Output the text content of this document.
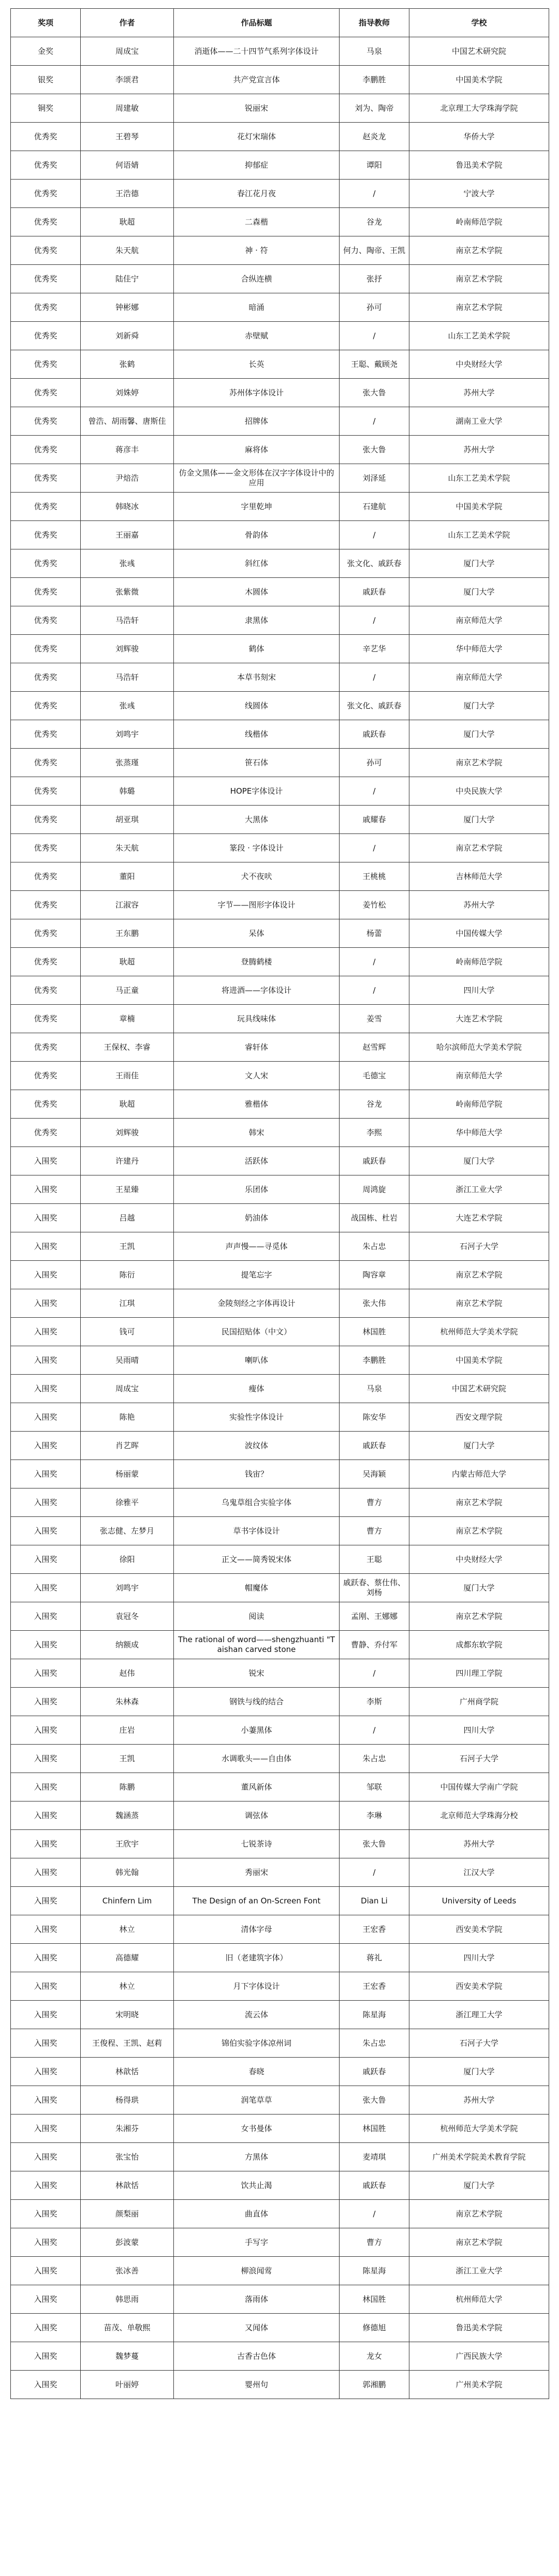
奖项	作者	作品标题	指导教师	学校
金奖	周成宝	消逝体——二十四节气系列字体设计	马泉	中国艺术研究院
银奖	李颂君	共产党宣言体	李鹏胜	中国美术学院
铜奖	周建敏	锐丽宋	刘为、陶帝	北京理工大学珠海学院
优秀奖	王碧琴	花灯宋瑞体	赵炎龙	华侨大学
优秀奖	何语婧	抑郁症	谭阳	鲁迅美术学院
优秀奖	王浩德	春江花月夜	/	宁波大学
优秀奖	耿超	二森楷	谷龙	岭南师范学院
优秀奖	朱天航	神 · 符	何力、陶帝、王凯	南京艺术学院
优秀奖	陆佳宁	合纵连横	张抒	南京艺术学院
优秀奖	钟彬娜	暗涌	孙可	南京艺术学院
优秀奖	刘新舜	赤壁赋	/	山东工艺美术学院
优秀奖	张鹤	长英	王聪、戴顾尧	中央财经大学
优秀奖	刘姝婷	苏州体字体设计	张大鲁	苏州大学
优秀奖	曾浩、胡雨馨、唐斯佳	招牌体	/	湖南工业大学
优秀奖	蒋彦丰	麻将体	张大鲁	苏州大学
优秀奖	尹焙浩	仿金文黑体——金文形体在汉字字体设计中的应用	刘泽延	山东工艺美术学院
优秀奖	韩晓冰	字里乾坤	石建航	中国美术学院
优秀奖	王丽嘉	骨韵体	/	山东工艺美术学院
优秀奖	张彧	斜红体	张文化、戚跃春	厦门大学
优秀奖	张紫微	木圆体	戚跃春	厦门大学
优秀奖	马浩轩	隶黑体	/	南京师范大学
优秀奖	刘辉骏	鹤体	辛艺华	华中师范大学
优秀奖	马浩轩	本草书刻宋	/	南京师范大学
优秀奖	张彧	线圆体	张文化、戚跃春	厦门大学
优秀奖	刘鸣宇	线楷体	戚跃春	厦门大学
优秀奖	张蒸瑾	笹石体	孙可	南京艺术学院
优秀奖	韩璐	HOPE字体设计	/	中央民族大学
优秀奖	胡亚琪	大黑体	戚耀春	厦门大学
优秀奖	朱天航	篆段 · 字体设计	/	南京艺术学院
优秀奖	董阳	犬不夜吠	王桃桃	吉林师范大学
优秀奖	江淑容	字节——图形字体设计	姜竹松	苏州大学
优秀奖	王东鹏	呆体	杨蕾	中国传媒大学
优秀奖	耿超	登腾鹤楼	/	岭南师范学院
优秀奖	马正童	将进酒——字体设计	/	四川大学
优秀奖	章楠	玩具线味体	姜雪	大连艺术学院
优秀奖	王保权、李睿	睿轩体	赵雪辉	哈尔滨师范大学美术学院
优秀奖	王雨佳	文人宋	毛德宝	南京师范大学
优秀奖	耿超	雅楷体	谷龙	岭南师范学院
优秀奖	刘辉骏	韩宋	李熙	华中师范大学
入围奖	许建丹	活跃体	戚跃春	厦门大学
入围奖	王星臻	乐团体	周鸿旋	浙江工业大学
入围奖	吕越	奶油体	战国栋、杜岩	大连艺术学院
入围奖	王凯	声声慢——寻觅体	朱占忠	石河子大学
入围奖	陈衍	提笔忘字	陶容章	南京艺术学院
入围奖	江琪	金陵刻经之字体再设计	张大伟	南京艺术学院
入围奖	钱可	民国招贴体（中文）	林国胜	杭州师范大学美术学院
入围奖	吴雨晴	喇叭体	李鹏胜	中国美术学院
入围奖	周成宝	瘦体	马泉	中国艺术研究院
入围奖	陈艳	实验性字体设计	陈安华	西安文理学院
入围奖	肖艺晖	波纹体	戚跃春	厦门大学
入围奖	杨丽蒙	钱宙？	吴海颖	内蒙古师范大学
入围奖	徐雅平	乌鬼草组合实验字体	曹方	南京艺术学院
入围奖	张志健、左梦月	草书字体设计	曹方	南京艺术学院
入围奖	徐阳	正文——简秀锐宋体	王聪	中央财经大学
入围奖	刘鸣宇	帽魔体	戚跃春、蔡仕伟、刘杨	厦门大学
入围奖	袁冠冬	阅读	孟刚、王娜娜	南京艺术学院
入围奖	纳额成	The rational of word——shengzhuanti "Taishan carved stone	曹静、乔付军	成都东软学院
入围奖	赵伟	锐宋	/	四川理工学院
入围奖	朱林森	钢铁与线的结合	李斯	广州商学院
入围奖	庄岩	小萋黑体	/	四川大学
入围奖	王凯	水调歌头——自由体	朱占忠	石河子大学
入围奖	陈鹏	董风新体	邹联	中国传媒大学南广学院
入围奖	魏涵蒸	调弦体	李琳	北京师范大学珠海分校
入围奖	王欣宇	七锐茶诗	张大鲁	苏州大学
入围奖	韩光翰	秀丽宋	/	江汉大学
入围奖	Chinfern Lim	The Design of an On-Screen Font	Dian Li	University of Leeds
入围奖	林立	清体字母	王宏香	西安美术学院
入围奖	高德耀	旧（老建筑字体）	蒋礼	四川大学
入围奖	林立	月下字体设计	王宏香	西安美术学院
入围奖	宋明晓	流云体	陈星海	浙江理工大学
入围奖	王俊程、王凯、赵莉	锦伯实验字体凉州词	朱占忠	石河子大学
入围奖	林歆恬	春晓	戚跃春	厦门大学
入围奖	杨得珙	润笔草草	张大鲁	苏州大学
入围奖	朱湘芬	女书曼体	林国胜	杭州师范大学美术学院
入围奖	张宝怡	方黑体	麦靖琪	广州美术学院美术教育学院
入围奖	林歆恬	饮共止渴	戚跃春	厦门大学
入围奖	颜梨丽	曲直体	/	南京艺术学院
入围奖	彭波蒙	手写字	曹方	南京艺术学院
入围奖	张冰善	柳浪闻莺	陈星海	浙江工业大学
入围奖	韩思雨	落雨体	林国胜	杭州师范大学
入围奖	苗茂、单敬熙	又闻体	修德旭	鲁迅美术学院
入围奖	魏梦蔓	古香古色体	龙女	广西民族大学
入围奖	叶丽婷	婴州句	郭湘鹏	广州美术学院
